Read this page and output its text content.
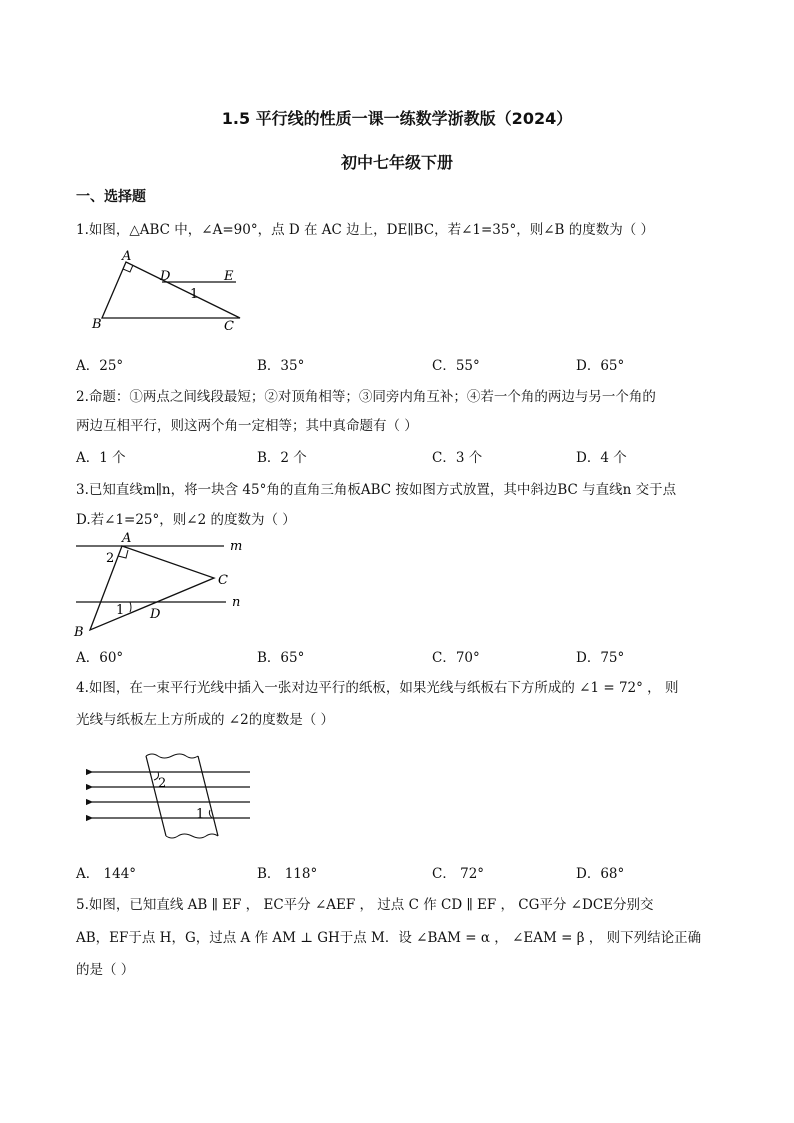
1.5 平行线的性质一课一练数学浙教版（2024）
初中七年级下册
一、选择题
1.如图，△ABC 中，∠A=90°，点 D 在 AC 边上，DE∥BC，若∠1=35°，则∠B 的度数为（ ）
A
B	C
D	E
1
A．25°	B．35°	C．55°	D．65°
2.命题：①两点之间线段最短；②对顶角相等；③同旁内角互补；④若一个角的两边与另一个角的
两边互相平行，则这两个角一定相等；其中真命题有（ ）
A．1 个	B．2 个	C．3 个	D．4 个
3.已知直线m∥n，将一块含 45°角的直角三角板ABC 按如图方式放置，其中斜边BC 与直线n 交于点
D.若∠1=25°，则∠2 的度数为（ ）
A
B
C
D
m
n
1
2
A．60°	B．65°	C．70°	D．75°
4.如图，在一束平行光线中插入一张对边平行的纸板，如果光线与纸板右下方所成的 ∠1 = 72° ， 则
光线与纸板左上方所成的 ∠2的度数是（ ）
2
1
A． 144°	B． 118°	C． 72°	D．68°
5.如图，已知直线 AB ∥ EF ， EC平分 ∠AEF ， 过点 C 作 CD ∥ EF ， CG平分 ∠DCE分别交
AB，EF于点 H，G，过点 A 作 AM ⊥ GH于点 M．设 ∠BAM = α ， ∠EAM = β ， 则下列结论正确
的是（ ）
